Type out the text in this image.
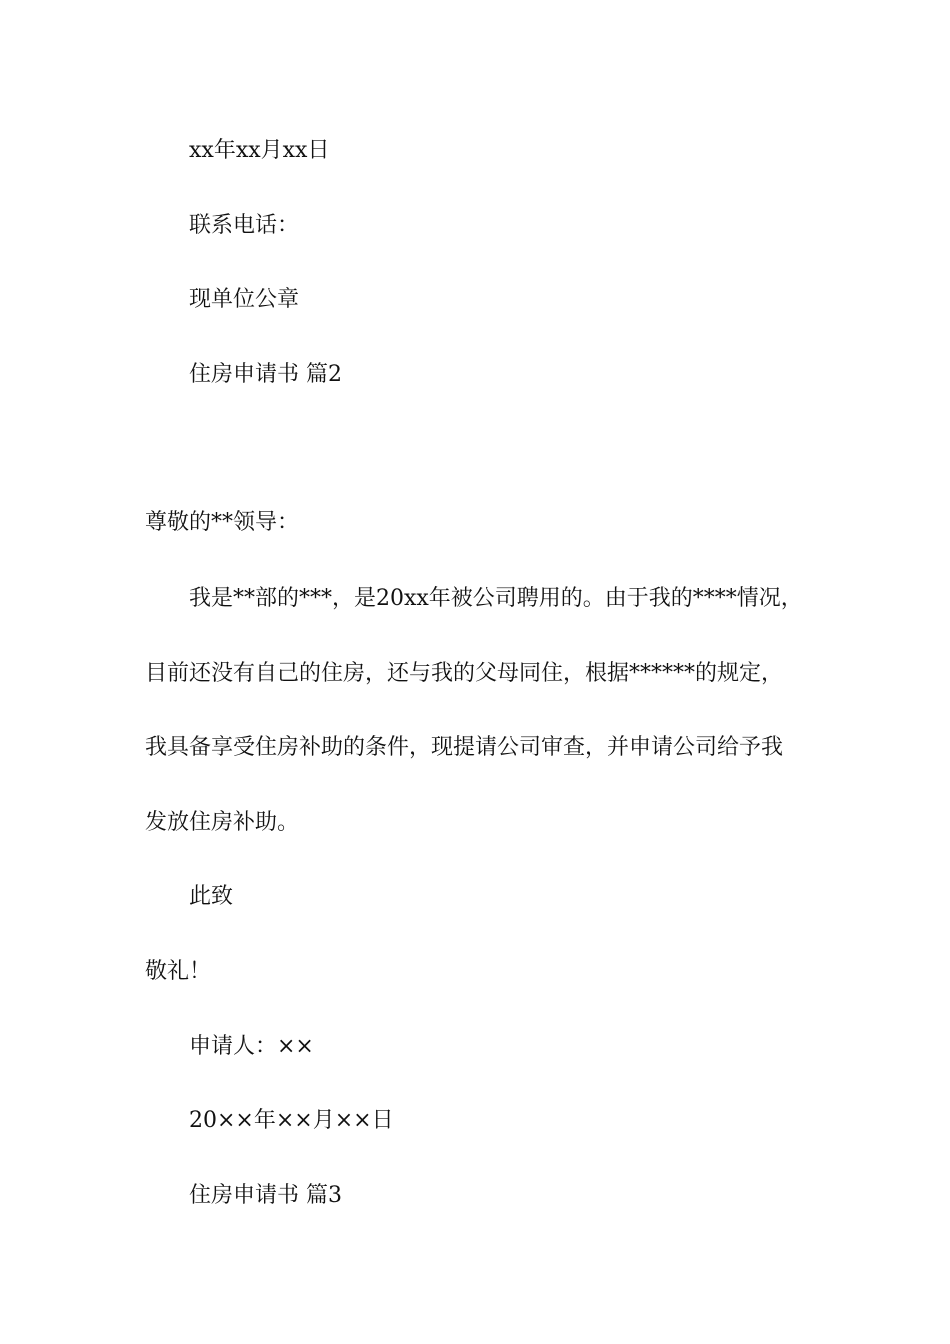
xx年xx月xx日
联系电话：
现单位公章
住房申请书 篇2
尊敬的**领导：
我是**部的***，是20xx年被公司聘用的。由于我的****情况，
目前还没有自己的住房，还与我的父母同住，根据******的规定，
我具备享受住房补助的条件，现提请公司审查，并申请公司给予我
发放住房补助。
此致
敬礼！
申请人：××
20××年××月××日
住房申请书 篇3
